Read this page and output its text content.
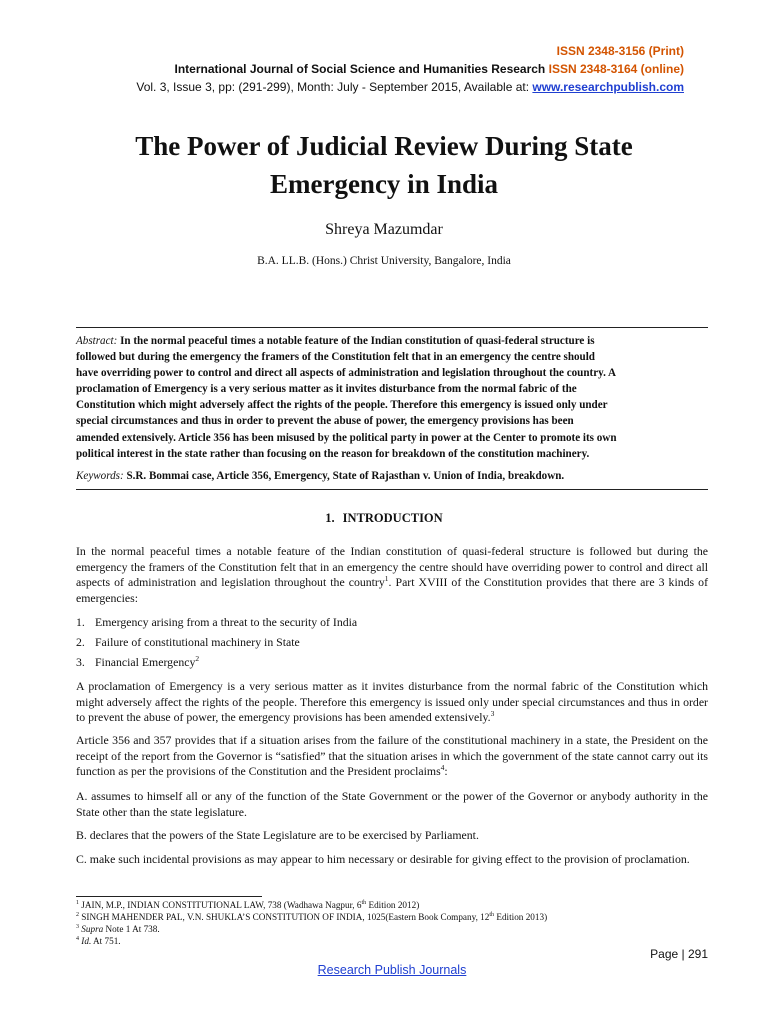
ISSN 2348-3156 (Print)
International Journal of Social Science and Humanities Research ISSN 2348-3164 (online)
Vol. 3, Issue 3, pp: (291-299), Month: July - September 2015, Available at: www.researchpublish.com
The Power of Judicial Review During State
Emergency in India
Shreya Mazumdar
B.A. LL.B. (Hons.) Christ University, Bangalore, India
Abstract: In the normal peaceful times a notable feature of the Indian constitution of quasi-federal structure is
followed but during the emergency the framers of the Constitution felt that in an emergency the centre should
have overriding power to control and direct all aspects of administration and legislation throughout the country. A
proclamation of Emergency is a very serious matter as it invites disturbance from the normal fabric of the
Constitution which might adversely affect the rights of the people. Therefore this emergency is issued only under
special circumstances and thus in order to prevent the abuse of power, the emergency provisions has been
amended extensively. Article 356 has been misused by the political party in power at the Center to promote its own
political interest in the state rather than focusing on the reason for breakdown of the constitution machinery.
Keywords: S.R. Bommai case, Article 356, Emergency, State of Rajasthan v. Union of India, breakdown.
1. INTRODUCTION
In the normal peaceful times a notable feature of the Indian constitution of quasi-federal structure is followed but during the emergency the framers of the Constitution felt that in an emergency the centre should have overriding power to control and direct all aspects of administration and legislation throughout the country$^1$. Part XVIII of the Constitution provides that there are 3 kinds of emergencies:
1. Emergency arising from a threat to the security of India
2. Failure of constitutional machinery in State
3. Financial Emergency$^2$
A proclamation of Emergency is a very serious matter as it invites disturbance from the normal fabric of the Constitution which might adversely affect the rights of the people. Therefore this emergency is issued only under special circumstances and thus in order to prevent the abuse of power, the emergency provisions has been amended extensively.$^3$
Article 356 and 357 provides that if a situation arises from the failure of the constitutional machinery in a state, the President on the receipt of the report from the Governor is “satisfied” that the situation arises in which the government of the state cannot carry out its function as per the provisions of the Constitution and the President proclaims$^4$:
A. assumes to himself all or any of the function of the State Government or the power of the Governor or anybody authority in the State other than the state legislature.
B. declares that the powers of the State Legislature are to be exercised by Parliament.
C. make such incidental provisions as may appear to him necessary or desirable for giving effect to the provision of proclamation.
$^1$ JAIN, M.P., INDIAN CONSTITUTIONAL LAW, 738 (Wadhawa Nagpur, 6th Edition 2012)
$^2$ SINGH MAHENDER PAL, V.N. SHUKLA’S CONSTITUTION OF INDIA, 1025(Eastern Book Company, 12th Edition 2013)
$^3$ Supra Note 1 At 738.
$^4$ Id. At 751.
Page | 291
Research Publish Journals
